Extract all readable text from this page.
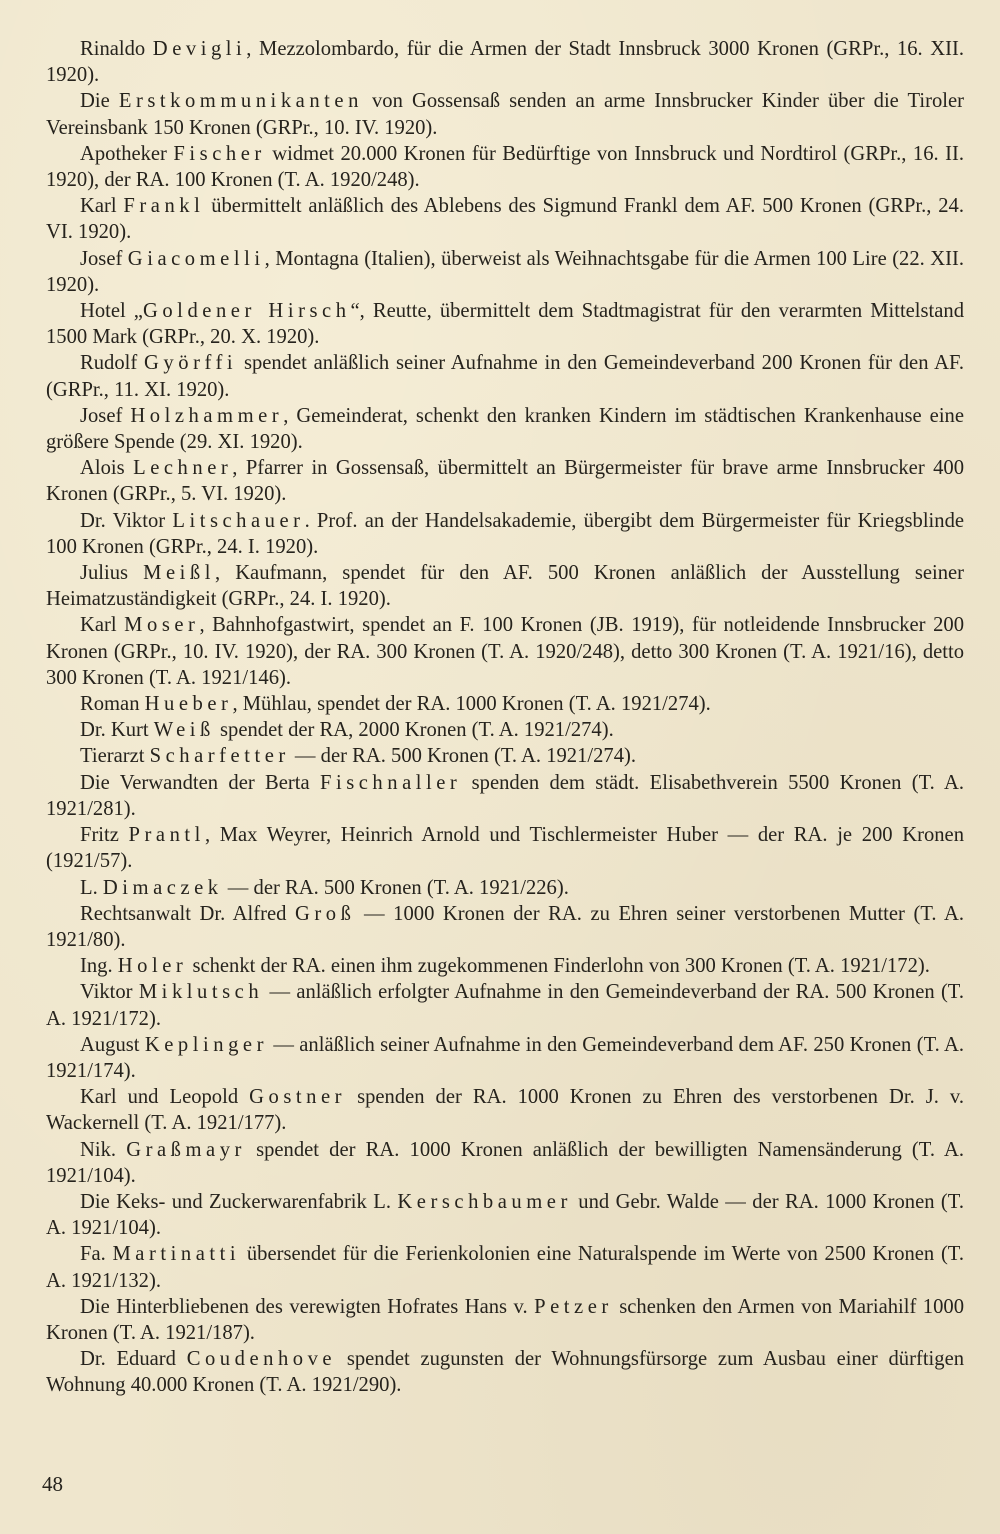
Rinaldo Devigli, Mezzolombardo, für die Armen der Stadt Innsbruck 3000 Kronen (GRPr., 16. XII. 1920).

Die Erstkommunikanten von Gossensaß senden an arme Innsbrucker Kinder über die Tiroler Vereinsbank 150 Kronen (GRPr., 10. IV. 1920).

Apotheker Fischer widmet 20.000 Kronen für Bedürftige von Innsbruck und Nordtirol (GRPr., 16. II. 1920), der RA. 100 Kronen (T. A. 1920/248).

Karl Frankl übermittelt anläßlich des Ablebens des Sigmund Frankl dem AF. 500 Kronen (GRPr., 24. VI. 1920).

Josef Giacomelli, Montagna (Italien), überweist als Weihnachtsgabe für die Armen 100 Lire (22. XII. 1920).

Hotel „Goldener Hirsch“, Reutte, übermittelt dem Stadtmagistrat für den verarmten Mittelstand 1500 Mark (GRPr., 20. X. 1920).

Rudolf Györffi spendet anläßlich seiner Aufnahme in den Gemeindeverband 200 Kronen für den AF. (GRPr., 11. XI. 1920).

Josef Holzhammer, Gemeinderat, schenkt den kranken Kindern im städtischen Krankenhause eine größere Spende (29. XI. 1920).

Alois Lechner, Pfarrer in Gossensaß, übermittelt an Bürgermeister für brave arme Innsbrucker 400 Kronen (GRPr., 5. VI. 1920).

Dr. Viktor Litschauer. Prof. an der Handelsakademie, übergibt dem Bürgermeister für Kriegsblinde 100 Kronen (GRPr., 24. I. 1920).

Julius Meißl, Kaufmann, spendet für den AF. 500 Kronen anläßlich der Ausstellung seiner Heimatzuständigkeit (GRPr., 24. I. 1920).

Karl Moser, Bahnhofgastwirt, spendet an F. 100 Kronen (JB. 1919), für notleidende Innsbrucker 200 Kronen (GRPr., 10. IV. 1920), der RA. 300 Kronen (T. A. 1920/248), detto 300 Kronen (T. A. 1921/16), detto 300 Kronen (T. A. 1921/146).

Roman Hueber, Mühlau, spendet der RA. 1000 Kronen (T. A. 1921/274).

Dr. Kurt Weiß spendet der RA, 2000 Kronen (T. A. 1921/274).

Tierarzt Scharfetter — der RA. 500 Kronen (T. A. 1921/274).

Die Verwandten der Berta Fischnaller spenden dem städt. Elisabethverein 5500 Kronen (T. A. 1921/281).

Fritz Prantl, Max Weyrer, Heinrich Arnold und Tischlermeister Huber — der RA. je 200 Kronen (1921/57).

L. Dimaczek — der RA. 500 Kronen (T. A. 1921/226).

Rechtsanwalt Dr. Alfred Groß — 1000 Kronen der RA. zu Ehren seiner verstorbenen Mutter (T. A. 1921/80).

Ing. Holer schenkt der RA. einen ihm zugekommenen Finderlohn von 300 Kronen (T. A. 1921/172).

Viktor Miklutsch — anläßlich erfolgter Aufnahme in den Gemeindeverband der RA. 500 Kronen (T. A. 1921/172).

August Keplinger — anläßlich seiner Aufnahme in den Gemeindeverband dem AF. 250 Kronen (T. A. 1921/174).

Karl und Leopold Gostner spenden der RA. 1000 Kronen zu Ehren des verstorbenen Dr. J. v. Wackernell (T. A. 1921/177).

Nik. Graßmayr spendet der RA. 1000 Kronen anläßlich der bewilligten Namensänderung (T. A. 1921/104).

Die Keks- und Zuckerwarenfabrik L. Kerschbaumer und Gebr. Walde — der RA. 1000 Kronen (T. A. 1921/104).

Fa. Martinatti übersendet für die Ferienkolonien eine Naturalspende im Werte von 2500 Kronen (T. A. 1921/132).

Die Hinterbliebenen des verewigten Hofrates Hans v. Petzer schenken den Armen von Mariahilf 1000 Kronen (T. A. 1921/187).

Dr. Eduard Coudenhove spendet zugunsten der Wohnungsfürsorge zum Ausbau einer dürftigen Wohnung 40.000 Kronen (T. A. 1921/290).

48
